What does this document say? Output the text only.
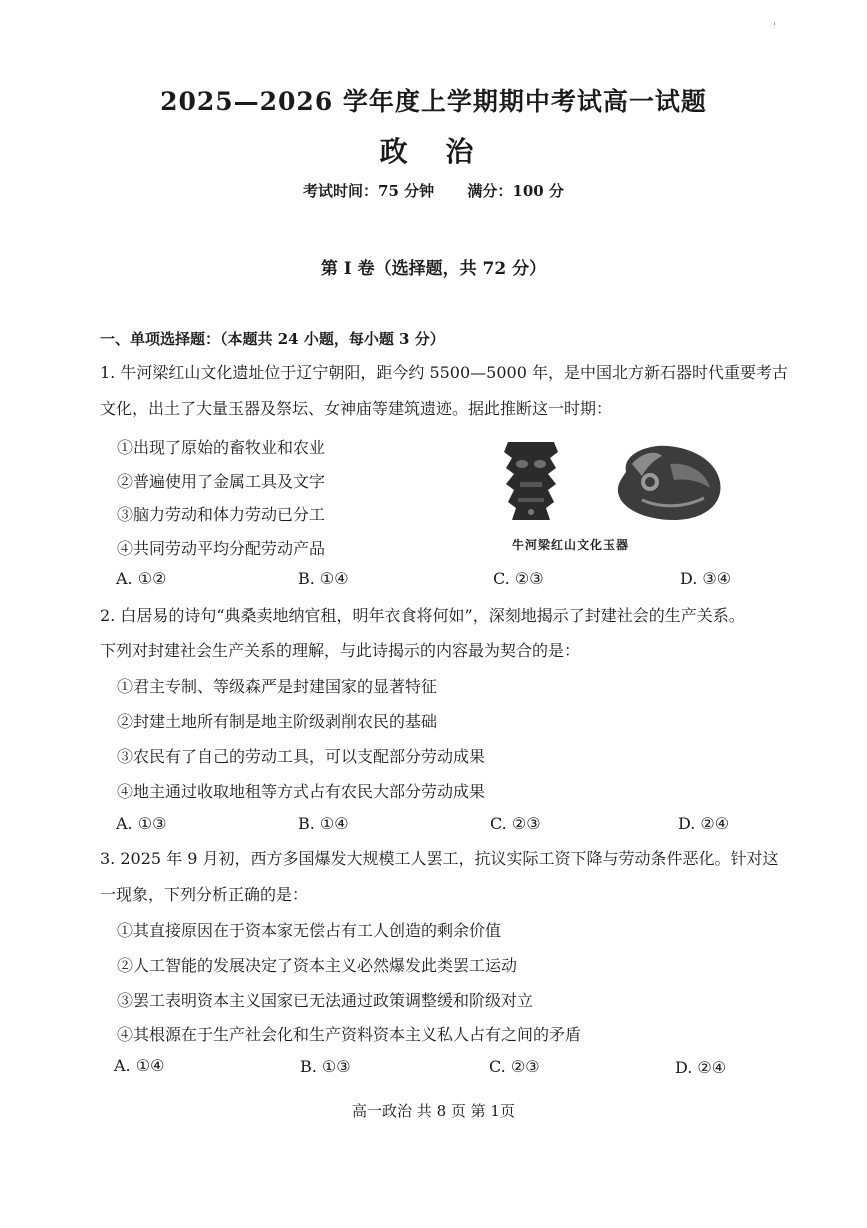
'
2025—2026 学年度上学期期中考试高一试题
政 治
考试时间：75 分钟 满分：100 分
第 I 卷（选择题，共 72 分）
一、单项选择题：（本题共 24 小题，每小题 3 分）
1. 牛河梁红山文化遗址位于辽宁朝阳，距今约 5500—5000 年，是中国北方新石器时代重要考古
文化，出土了大量玉器及祭坛、女神庙等建筑遗迹。据此推断这一时期：
①出现了原始的畜牧业和农业
②普遍使用了金属工具及文字
③脑力劳动和体力劳动已分工
④共同劳动平均分配劳动产品	牛河梁红山文化玉器
A. ①②	B. ①④	C. ②③	D. ③④
2. 白居易的诗句“典桑卖地纳官租，明年衣食将何如”，深刻地揭示了封建社会的生产关系。
下列对封建社会生产关系的理解，与此诗揭示的内容最为契合的是：
①君主专制、等级森严是封建国家的显著特征
②封建土地所有制是地主阶级剥削农民的基础
③农民有了自己的劳动工具，可以支配部分劳动成果
④地主通过收取地租等方式占有农民大部分劳动成果
A. ①③	B. ①④	C. ②③	D. ②④
3. 2025 年 9 月初，西方多国爆发大规模工人罢工，抗议实际工资下降与劳动条件恶化。针对这
一现象，下列分析正确的是：
①其直接原因在于资本家无偿占有工人创造的剩余价值
②人工智能的发展决定了资本主义必然爆发此类罢工运动
③罢工表明资本主义国家已无法通过政策调整缓和阶级对立
④其根源在于生产社会化和生产资料资本主义私人占有之间的矛盾
A. ①④	B. ①③	C. ②③	D. ②④
高一政治 共 8 页 第 1页
